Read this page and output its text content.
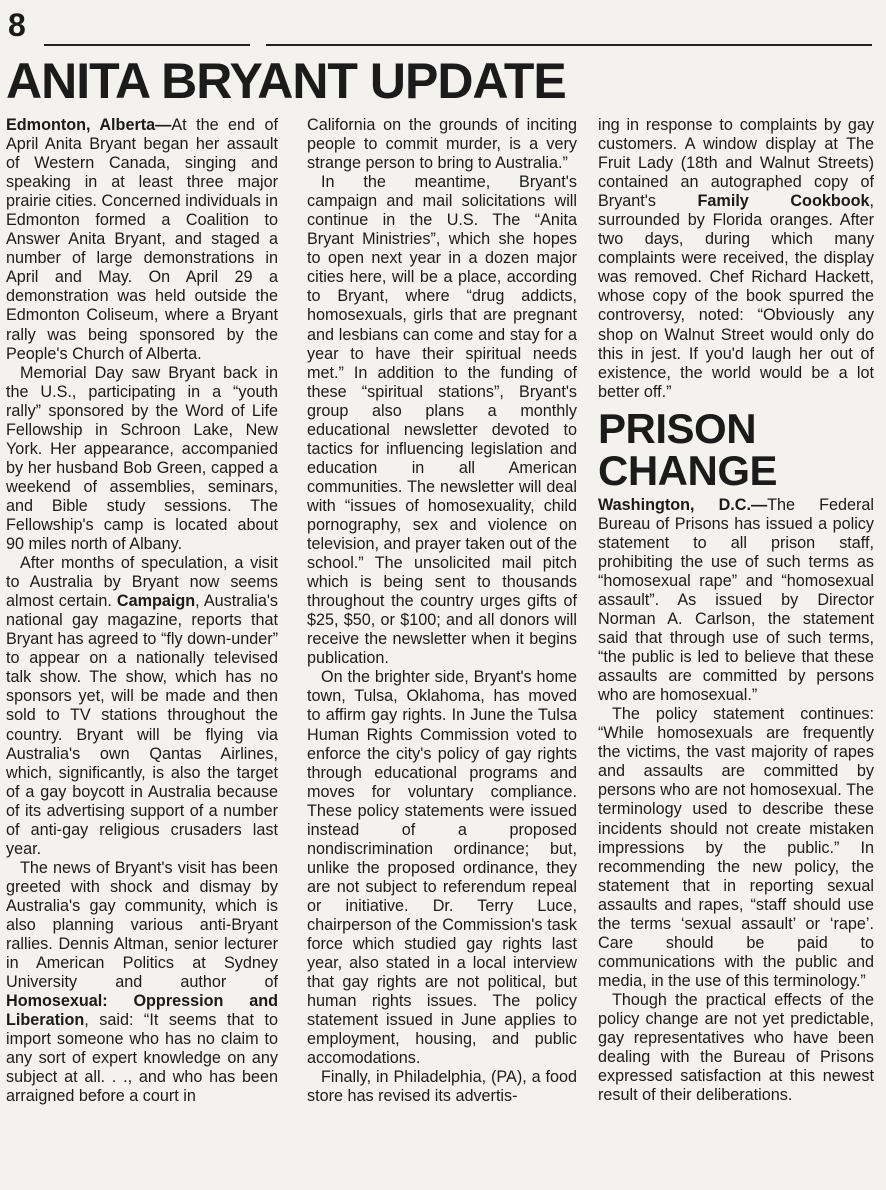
8
ANITA BRYANT UPDATE

Edmonton, Alberta—At the end of April Anita Bryant began her assault of Western Canada, singing and speaking in at least three major prairie cities. Concerned individuals in Edmonton formed a Coalition to Answer Anita Bryant, and staged a number of large demonstrations in April and May. On April 29 a demonstration was held outside the Edmonton Coliseum, where a Bryant rally was being sponsored by the People's Church of Alberta.

Memorial Day saw Bryant back in the U.S., participating in a “youth rally” sponsored by the Word of Life Fellowship in Schroon Lake, New York. Her appearance, accompanied by her husband Bob Green, capped a weekend of assemblies, seminars, and Bible study sessions. The Fellowship's camp is located about 90 miles north of Albany.

After months of speculation, a visit to Australia by Bryant now seems almost certain. Campaign, Australia's national gay magazine, reports that Bryant has agreed to “fly down-under” to appear on a nationally televised talk show. The show, which has no sponsors yet, will be made and then sold to TV stations throughout the country. Bryant will be flying via Australia's own Qantas Airlines, which, significantly, is also the target of a gay boycott in Australia because of its advertising support of a number of anti-gay religious crusaders last year.

The news of Bryant's visit has been greeted with shock and dismay by Australia's gay community, which is also planning various anti-Bryant rallies. Dennis Altman, senior lecturer in American Politics at Sydney University and author of Homosexual: Oppression and Liberation, said: “It seems that to import someone who has no claim to any sort of expert knowledge on any subject at all. . ., and who has been arraigned before a court in

California on the grounds of inciting people to commit murder, is a very strange person to bring to Australia.”

In the meantime, Bryant's campaign and mail solicitations will continue in the U.S. The “Anita Bryant Ministries”, which she hopes to open next year in a dozen major cities here, will be a place, according to Bryant, where “drug addicts, homosexuals, girls that are pregnant and lesbians can come and stay for a year to have their spiritual needs met.” In addition to the funding of these “spiritual stations”, Bryant's group also plans a monthly educational newsletter devoted to tactics for influencing legislation and education in all American communities. The newsletter will deal with “issues of homosexuality, child pornography, sex and violence on television, and prayer taken out of the school.” The unsolicited mail pitch which is being sent to thousands throughout the country urges gifts of $25, $50, or $100; and all donors will receive the newsletter when it begins publication.

On the brighter side, Bryant's home town, Tulsa, Oklahoma, has moved to affirm gay rights. In June the Tulsa Human Rights Commission voted to enforce the city's policy of gay rights through educational programs and moves for voluntary compliance. These policy statements were issued instead of a proposed nondiscrimination ordinance; but, unlike the proposed ordinance, they are not subject to referendum repeal or initiative. Dr. Terry Luce, chairperson of the Commission's task force which studied gay rights last year, also stated in a local interview that gay rights are not political, but human rights issues. The policy statement issued in June applies to employment, housing, and public accomodations.

Finally, in Philadelphia, (PA), a food store has revised its advertis-

ing in response to complaints by gay customers. A window display at The Fruit Lady (18th and Walnut Streets) contained an autographed copy of Bryant's Family Cookbook, surrounded by Florida oranges. After two days, during which many complaints were received, the display was removed. Chef Richard Hackett, whose copy of the book spurred the controversy, noted: “Obviously any shop on Walnut Street would only do this in jest. If you'd laugh her out of existence, the world would be a lot better off.”

PRISON
CHANGE

Washington, D.C.—The Federal Bureau of Prisons has issued a policy statement to all prison staff, prohibiting the use of such terms as “homosexual rape” and “homosexual assault”. As issued by Director Norman A. Carlson, the statement said that through use of such terms, “the public is led to believe that these assaults are committed by persons who are homosexual.”

The policy statement continues: “While homosexuals are frequently the victims, the vast majority of rapes and assaults are committed by persons who are not homosexual. The terminology used to describe these incidents should not create mistaken impressions by the public.” In recommending the new policy, the statement that in reporting sexual assaults and rapes, “staff should use the terms ‘sexual assault’ or ‘rape’. Care should be paid to communications with the public and media, in the use of this terminology.”

Though the practical effects of the policy change are not yet predictable, gay representatives who have been dealing with the Bureau of Prisons expressed satisfaction at this newest result of their deliberations.
